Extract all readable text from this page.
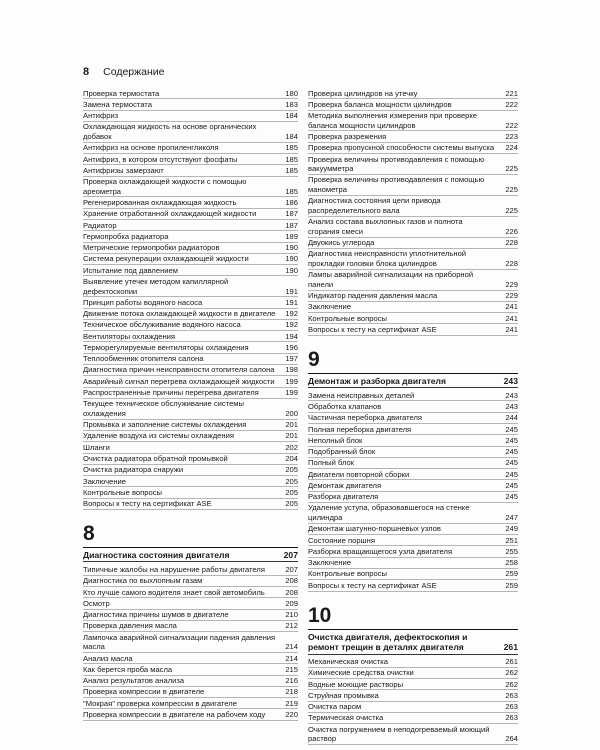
8 Содержание
Проверка термостата	180
Замена термостата	183
Антифриз	184
Охлаждающая жидкость на основе органических добавок	184
Антифриз на основе пропиленгликоля	185
Антифриз, в котором отсутствуют фосфаты	185
Антифризы замерзают	185
Проверка охлаждающей жидкости с помощью ареометра	185
Регенерированная охлаждающая жидкость	186
Хранение отработанной охлаждающей жидкости	187
Радиатор	187
Гермопробка радиатора	189
Метрические гермопробки радиаторов	190
Система рекуперации охлаждающей жидкости	190
Испытание под давлением	190
Выявление утечек методом капиллярной дефектоскопии	191
Принцип работы водяного насоса	191
Движение потока охлаждающей жидкости в двигателе	192
Техническое обслуживание водяного насоса	192
Вентиляторы охлаждения	194
Терморегулируемые вентиляторы охлаждения	196
Теплообменник отопителя салона	197
Диагностика причин неисправности отопителя салона	198
Аварийный сигнал перегрева охлаждающей жидкости	199
Распространенные причины перегрева двигателя	199
Текущее техническое обслуживание системы охлаждения	200
Промывка и заполнение системы охлаждения	201
Удаление воздуха из системы охлаждения	201
Шланги	202
Очистка радиатора обратной промывкой	204
Очистка радиатора снаружи	205
Заключение	205
Контрольные вопросы	205
Вопросы к тесту на сертификат ASE	205
8
Диагностика состояния двигателя	207
Типичные жалобы на нарушение работы двигателя	207
Диагностика по выхлопным газам	208
Кто лучше самого водителя знает свой автомобиль	208
Осмотр	209
Диагностика причины шумов в двигателе	210
Проверка давления масла	212
Лампочка аварийной сигнализации падения давления масла	214
Анализ масла	214
Как берется проба масла	215
Анализ результатов анализа	216
Проверка компрессии в двигателе	218
"Мокрая" проверка компрессии в двигателе	219
Проверка компрессии в двигателе на рабочем ходу	220
Проверка цилиндров на утечку	221
Проверка баланса мощности цилиндров	222
Методика выполнения измерения при проверке баланса мощности цилиндров	222
Проверка разрежения	223
Проверка пропускной способности системы выпуска	224
Проверка величины противодавления с помощью вакуумметра	225
Проверка величины противодавления с помощью манометра	225
Диагностика состояния цепи привода распределительного вала	225
Анализ состава выхлопных газов и полнота сгорания смеси	226
Двуокись углерода	228
Диагностика неисправности уплотнительной прокладки головки блока цилиндров	228
Лампы аварийной сигнализации на приборной панели	229
Индикатор падения давления масла	229
Заключение	241
Контрольные вопросы	241
Вопросы к тесту на сертификат ASE	241
9
Демонтаж и разборка двигателя	243
Замена неисправных деталей	243
Обработка клапанов	243
Частичная переборка двигателя	244
Полная переборка двигателя	245
Неполный блок	245
Подобранный блок	245
Полный блок	245
Двигатели повторной сборки	245
Демонтаж двигателя	245
Разборка двигателя	245
Удаление уступа, образовавшегося на стенке цилиндра	247
Демонтаж шатунно-поршневых узлов	249
Состояние поршня	251
Разборка вращающегося узла двигателя	255
Заключение	258
Контрольные вопросы	259
Вопросы к тесту на сертификат ASE	259
10
Очистка двигателя, дефектоскопия и ремонт трещин в деталях двигателя	261
Механическая очистка	261
Химические средства очистки	262
Водные моющие растворы	262
Струйная промывка	263
Очистка паром	263
Термическая очистка	263
Очистка погружением в неподогреваемый моющий раствор	264
